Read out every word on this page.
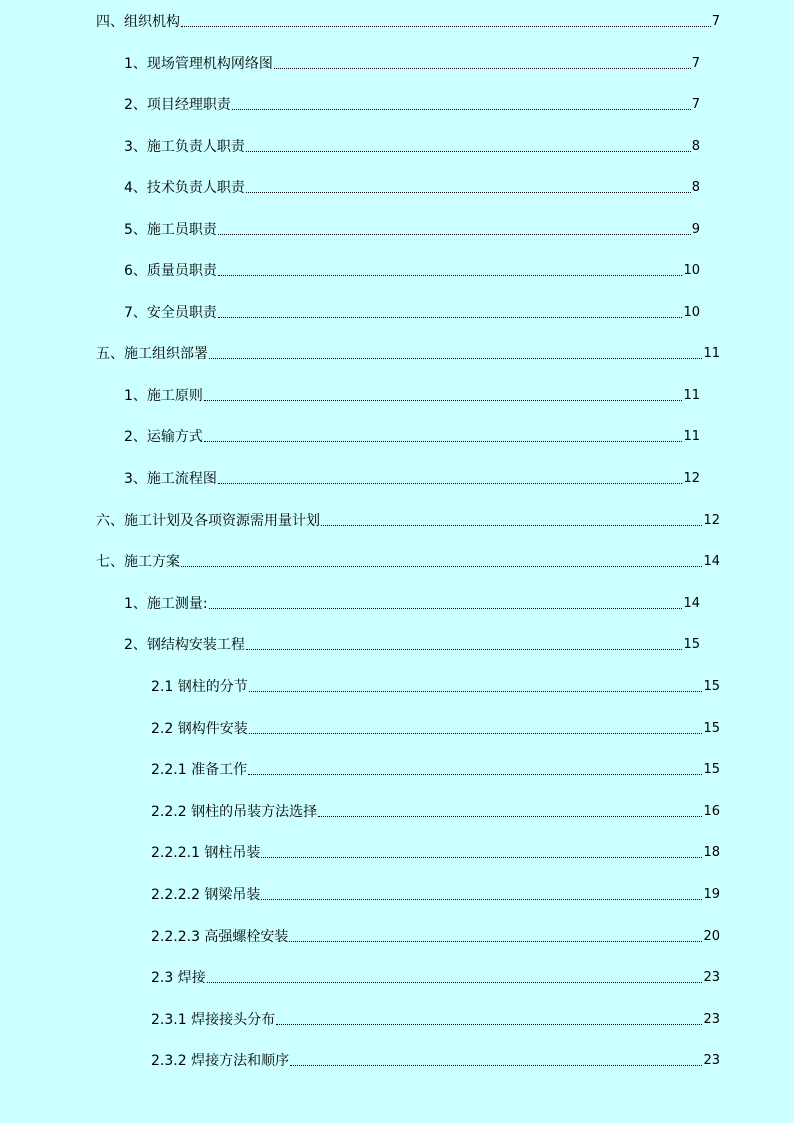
四、组织机构	7
1、现场管理机构网络图	7
2、项目经理职责	7
3、施工负责人职责	8
4、技术负责人职责	8
5、施工员职责	9
6、质量员职责	10
7、安全员职责	10
五、施工组织部署	11
1、施工原则	11
2、运输方式	11
3、施工流程图	12
六、施工计划及各项资源需用量计划	12
七、施工方案	14
1、施工测量:	14
2、钢结构安装工程	15
2.1 钢柱的分节	15
2.2 钢构件安装	15
2.2.1 准备工作	15
2.2.2 钢柱的吊装方法选择	16
2.2.2.1 钢柱吊装	18
2.2.2.2 钢梁吊装	19
2.2.2.3 高强螺栓安装	20
2.3 焊接	23
2.3.1 焊接接头分布	23
2.3.2 焊接方法和顺序	23
